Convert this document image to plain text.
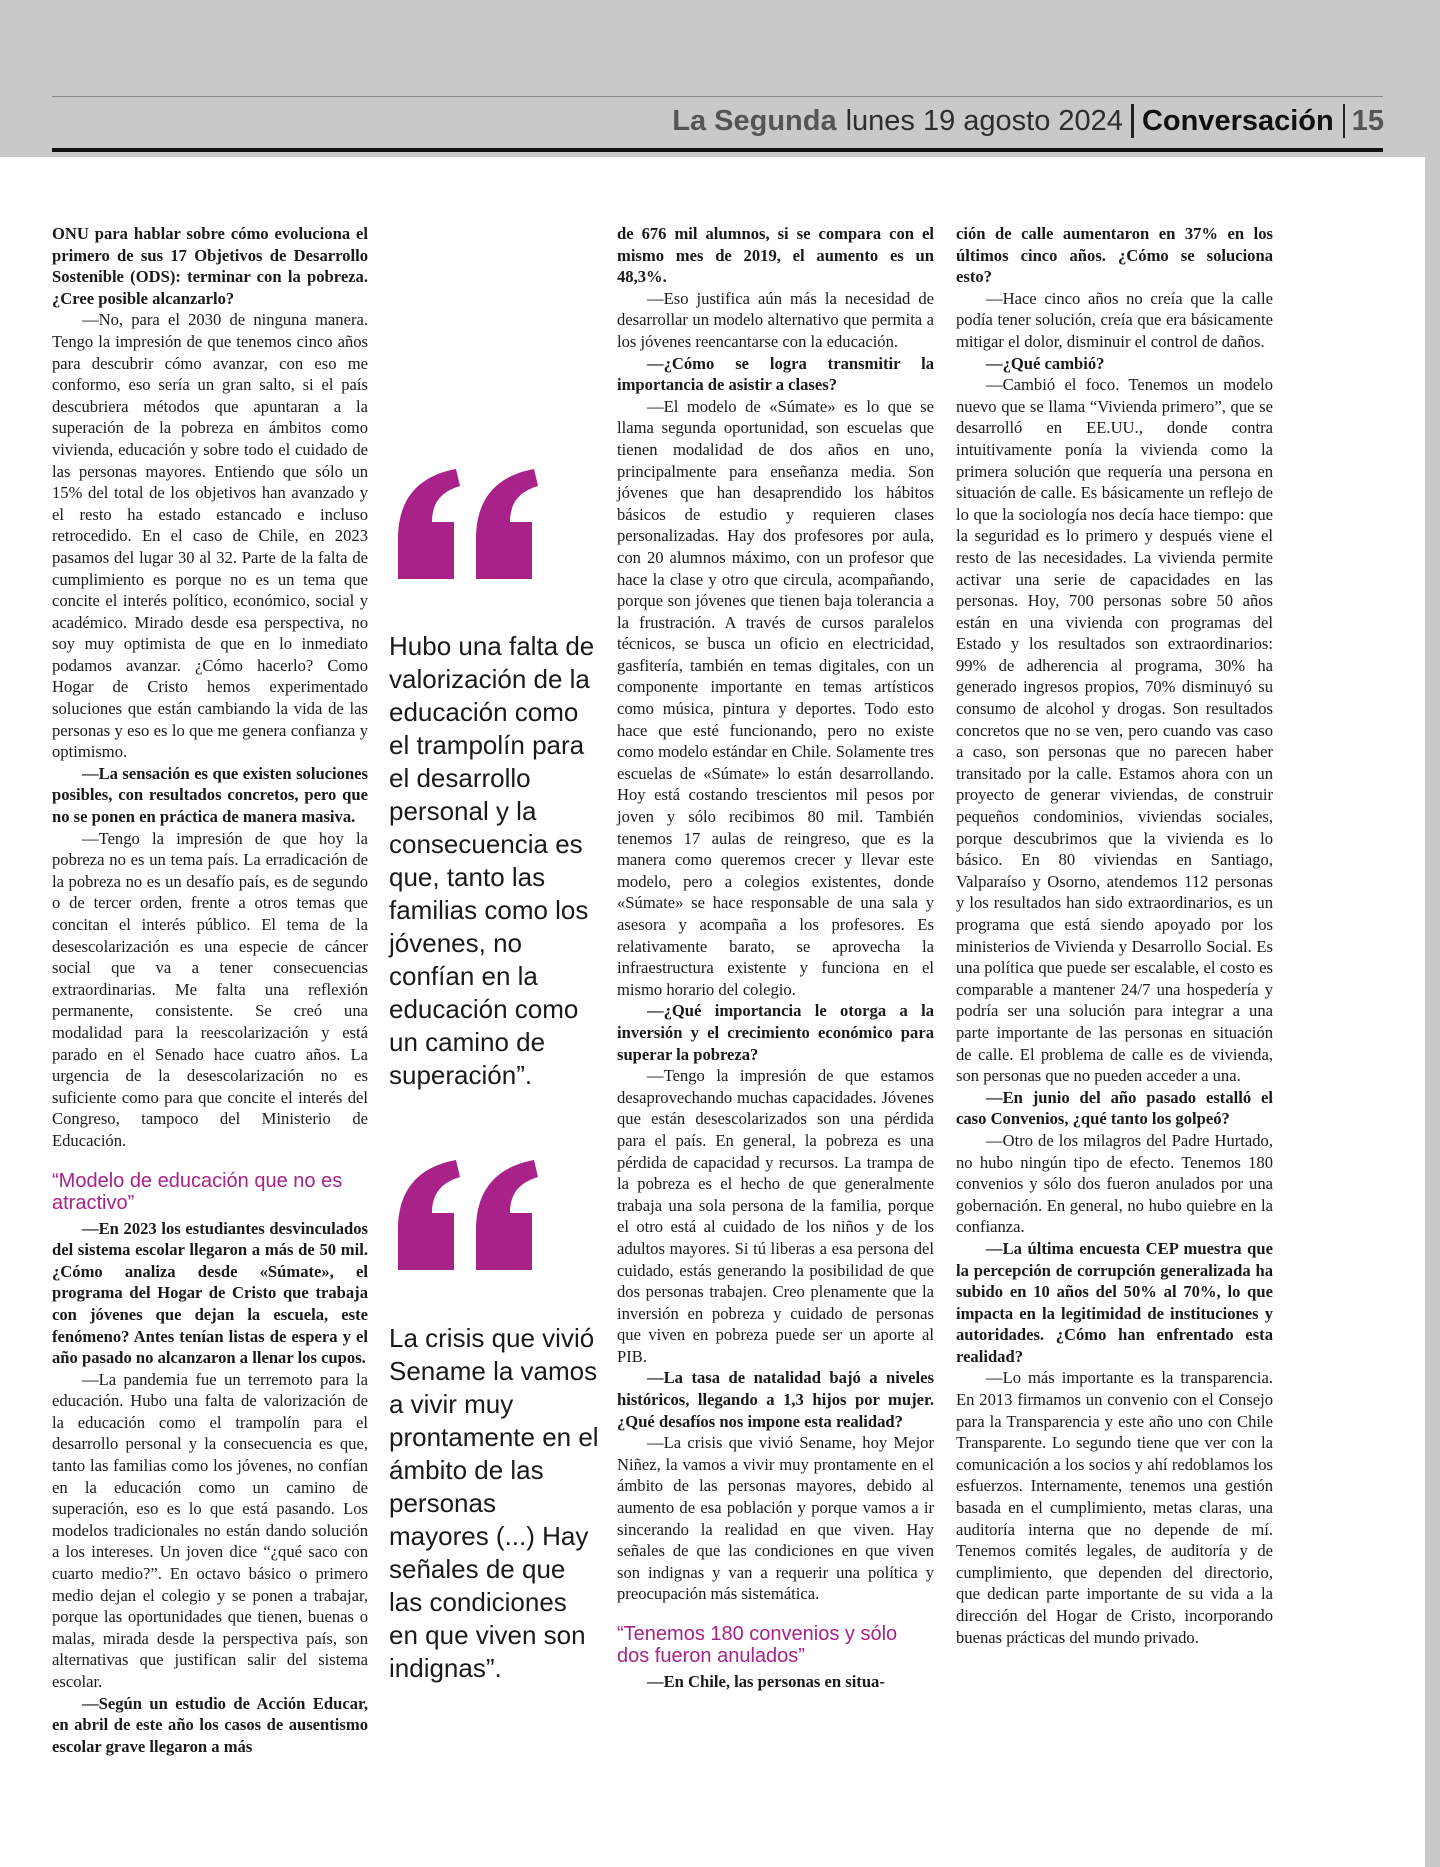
La Segunda lunes 19 agosto 2024 Conversación 15

ONU para hablar sobre cómo evoluciona el primero de sus 17 Objetivos de Desarrollo Sostenible (ODS): terminar con la pobreza. ¿Cree posible alcanzarlo?

—No, para el 2030 de ninguna manera. Tengo la impresión de que tenemos cinco años para descubrir cómo avanzar, con eso me conformo, eso sería un gran salto, si el país descubriera métodos que apuntaran a la superación de la pobreza en ámbitos como vivienda, educación y sobre todo el cuidado de las personas mayores. Entiendo que sólo un 15% del total de los objetivos han avanzado y el resto ha estado estancado e incluso retrocedido. En el caso de Chile, en 2023 pasamos del lugar 30 al 32. Parte de la falta de cumplimiento es porque no es un tema que concite el interés político, económico, social y académico. Mirado desde esa perspectiva, no soy muy optimista de que en lo inmediato podamos avanzar. ¿Cómo hacerlo? Como Hogar de Cristo hemos experimentado soluciones que están cambiando la vida de las personas y eso es lo que me genera confianza y optimismo.

—La sensación es que existen soluciones posibles, con resultados concretos, pero que no se ponen en práctica de manera masiva.

—Tengo la impresión de que hoy la pobreza no es un tema país. La erradicación de la pobreza no es un desafío país, es de segundo o de tercer orden, frente a otros temas que concitan el interés público. El tema de la desescolarización es una especie de cáncer social que va a tener consecuencias extraordinarias. Me falta una reflexión permanente, consistente. Se creó una modalidad para la reescolarización y está parado en el Senado hace cuatro años. La urgencia de la desescolarización no es suficiente como para que concite el interés del Congreso, tampoco del Ministerio de Educación.

“Modelo de educación que no es atractivo”

—En 2023 los estudiantes desvinculados del sistema escolar llegaron a más de 50 mil. ¿Cómo analiza desde «Súmate», el programa del Hogar de Cristo que trabaja con jóvenes que dejan la escuela, este fenómeno? Antes tenían listas de espera y el año pasado no alcanzaron a llenar los cupos.

—La pandemia fue un terremoto para la educación. Hubo una falta de valorización de la educación como el trampolín para el desarrollo personal y la consecuencia es que, tanto las familias como los jóvenes, no confían en la educación como un camino de superación, eso es lo que está pasando. Los modelos tradicionales no están dando solución a los intereses. Un joven dice “¿qué saco con cuarto medio?”. En octavo básico o primero medio dejan el colegio y se ponen a trabajar, porque las oportunidades que tienen, buenas o malas, mirada desde la perspectiva país, son alternativas que justifican salir del sistema escolar.

—Según un estudio de Acción Educar, en abril de este año los casos de ausentismo escolar grave llegaron a más

Hubo una falta de valorización de la educación como el trampolín para el desarrollo personal y la consecuencia es que, tanto las familias como los jóvenes, no confían en la educación como un camino de superación”.
La crisis que vivió Sename la vamos a vivir muy prontamente en el ámbito de las personas mayores (...) Hay señales de que las condiciones en que viven son indignas”.

de 676 mil alumnos, si se compara con el mismo mes de 2019, el aumento es un 48,3%.

—Eso justifica aún más la necesidad de desarrollar un modelo alternativo que permita a los jóvenes reencantarse con la educación.

—¿Cómo se logra transmitir la importancia de asistir a clases?

—El modelo de «Súmate» es lo que se llama segunda oportunidad, son escuelas que tienen modalidad de dos años en uno, principalmente para enseñanza media. Son jóvenes que han desaprendido los hábitos básicos de estudio y requieren clases personalizadas. Hay dos profesores por aula, con 20 alumnos máximo, con un profesor que hace la clase y otro que circula, acompañando, porque son jóvenes que tienen baja tolerancia a la frustración. A través de cursos paralelos técnicos, se busca un oficio en electricidad, gasfitería, también en temas digitales, con un componente importante en temas artísticos como música, pintura y deportes. Todo esto hace que esté funcionando, pero no existe como modelo estándar en Chile. Solamente tres escuelas de «Súmate» lo están desarrollando. Hoy está costando trescientos mil pesos por joven y sólo recibimos 80 mil. También tenemos 17 aulas de reingreso, que es la manera como queremos crecer y llevar este modelo, pero a colegios existentes, donde «Súmate» se hace responsable de una sala y asesora y acompaña a los profesores. Es relativamente barato, se aprovecha la infraestructura existente y funciona en el mismo horario del colegio.

—¿Qué importancia le otorga a la inversión y el crecimiento económico para superar la pobreza?

—Tengo la impresión de que estamos desaprovechando muchas capacidades. Jóvenes que están desescolarizados son una pérdida para el país. En general, la pobreza es una pérdida de capacidad y recursos. La trampa de la pobreza es el hecho de que generalmente trabaja una sola persona de la familia, porque el otro está al cuidado de los niños y de los adultos mayores. Si tú liberas a esa persona del cuidado, estás generando la posibilidad de que dos personas trabajen. Creo plenamente que la inversión en pobreza y cuidado de personas que viven en pobreza puede ser un aporte al PIB.

—La tasa de natalidad bajó a niveles históricos, llegando a 1,3 hijos por mujer. ¿Qué desafíos nos impone esta realidad?

—La crisis que vivió Sename, hoy Mejor Niñez, la vamos a vivir muy prontamente en el ámbito de las personas mayores, debido al aumento de esa población y porque vamos a ir sincerando la realidad en que viven. Hay señales de que las condiciones en que viven son indignas y van a requerir una política y preocupación más sistemática.

“Tenemos 180 convenios y sólo dos fueron anulados”

—En Chile, las personas en situa-

ción de calle aumentaron en 37% en los últimos cinco años. ¿Cómo se soluciona esto?

—Hace cinco años no creía que la calle podía tener solución, creía que era básicamente mitigar el dolor, disminuir el control de daños.

—¿Qué cambió?

—Cambió el foco. Tenemos un modelo nuevo que se llama “Vivienda primero”, que se desarrolló en EE.UU., donde contra intuitivamente ponía la vivienda como la primera solución que requería una persona en situación de calle. Es básicamente un reflejo de lo que la sociología nos decía hace tiempo: que la seguridad es lo primero y después viene el resto de las necesidades. La vivienda permite activar una serie de capacidades en las personas. Hoy, 700 personas sobre 50 años están en una vivienda con programas del Estado y los resultados son extraordinarios: 99% de adherencia al programa, 30% ha generado ingresos propios, 70% disminuyó su consumo de alcohol y drogas. Son resultados concretos que no se ven, pero cuando vas caso a caso, son personas que no parecen haber transitado por la calle. Estamos ahora con un proyecto de generar viviendas, de construir pequeños condominios, viviendas sociales, porque descubrimos que la vivienda es lo básico. En 80 viviendas en Santiago, Valparaíso y Osorno, atendemos 112 personas y los resultados han sido extraordinarios, es un programa que está siendo apoyado por los ministerios de Vivienda y Desarrollo Social. Es una política que puede ser escalable, el costo es comparable a mantener 24/7 una hospedería y podría ser una solución para integrar a una parte importante de las personas en situación de calle. El problema de calle es de vivienda, son personas que no pueden acceder a una.

—En junio del año pasado estalló el caso Convenios, ¿qué tanto los golpeó?

—Otro de los milagros del Padre Hurtado, no hubo ningún tipo de efecto. Tenemos 180 convenios y sólo dos fueron anulados por una gobernación. En general, no hubo quiebre en la confianza.

—La última encuesta CEP muestra que la percepción de corrupción generalizada ha subido en 10 años del 50% al 70%, lo que impacta en la legitimidad de instituciones y autoridades. ¿Cómo han enfrentado esta realidad?

—Lo más importante es la transparencia. En 2013 firmamos un convenio con el Consejo para la Transparencia y este año uno con Chile Transparente. Lo segundo tiene que ver con la comunicación a los socios y ahí redoblamos los esfuerzos. Internamente, tenemos una gestión basada en el cumplimiento, metas claras, una auditoría interna que no depende de mí. Tenemos comités legales, de auditoría y de cumplimiento, que dependen del directorio, que dedican parte importante de su vida a la dirección del Hogar de Cristo, incorporando buenas prácticas del mundo privado.
